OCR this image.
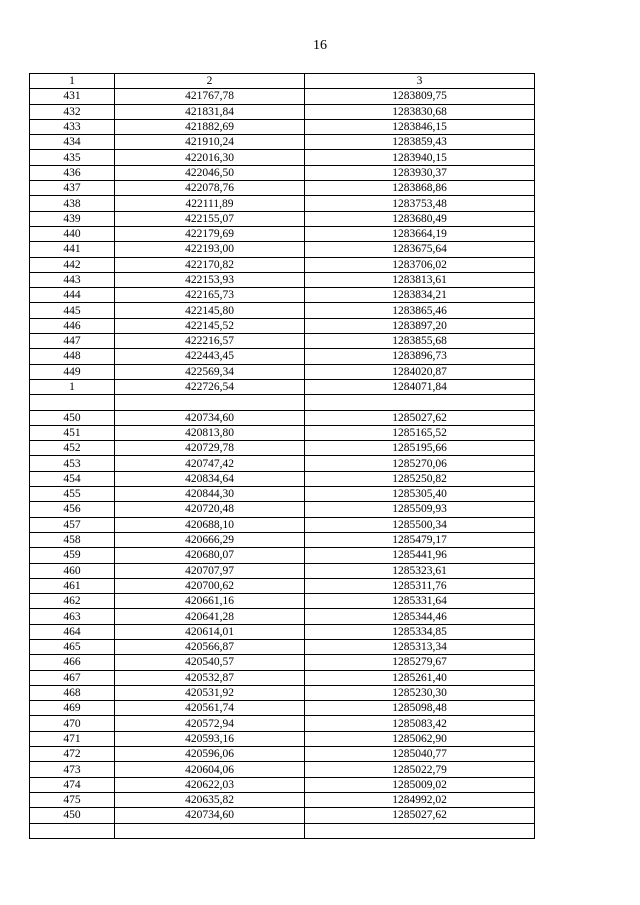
16
1	2	3
431	421767,78	1283809,75
432	421831,84	1283830,68
433	421882,69	1283846,15
434	421910,24	1283859,43
435	422016,30	1283940,15
436	422046,50	1283930,37
437	422078,76	1283868,86
438	422111,89	1283753,48
439	422155,07	1283680,49
440	422179,69	1283664,19
441	422193,00	1283675,64
442	422170,82	1283706,02
443	422153,93	1283813,61
444	422165,73	1283834,21
445	422145,80	1283865,46
446	422145,52	1283897,20
447	422216,57	1283855,68
448	422443,45	1283896,73
449	422569,34	1284020,87
1	422726,54	1284071,84

450	420734,60	1285027,62
451	420813,80	1285165,52
452	420729,78	1285195,66
453	420747,42	1285270,06
454	420834,64	1285250,82
455	420844,30	1285305,40
456	420720,48	1285509,93
457	420688,10	1285500,34
458	420666,29	1285479,17
459	420680,07	1285441,96
460	420707,97	1285323,61
461	420700,62	1285311,76
462	420661,16	1285331,64
463	420641,28	1285344,46
464	420614,01	1285334,85
465	420566,87	1285313,34
466	420540,57	1285279,67
467	420532,87	1285261,40
468	420531,92	1285230,30
469	420561,74	1285098,48
470	420572,94	1285083,42
471	420593,16	1285062,90
472	420596,06	1285040,77
473	420604,06	1285022,79
474	420622,03	1285009,02
475	420635,82	1284992,02
450	420734,60	1285027,62
